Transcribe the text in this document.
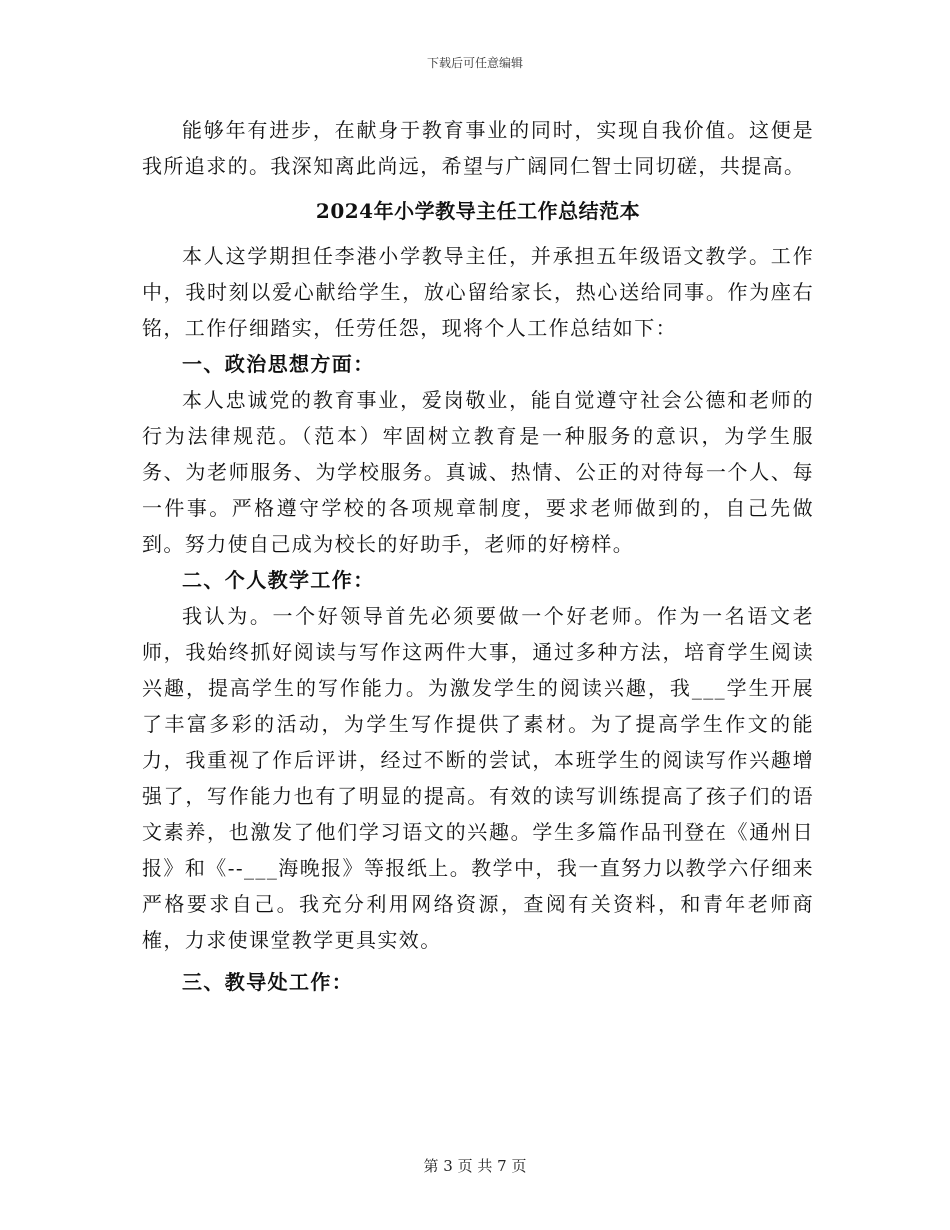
下载后可任意编辑

能够年有进步，在献身于教育事业的同时，实现自我价值。这便是我所追求的。我深知离此尚远，希望与广阔同仁智士同切磋，共提高。

2024年小学教导主任工作总结范本

本人这学期担任李港小学教导主任，并承担五年级语文教学。工作中，我时刻以爱心献给学生，放心留给家长，热心送给同事。作为座右铭，工作仔细踏实，任劳任怨，现将个人工作总结如下：

一、政治思想方面：

本人忠诚党的教育事业，爱岗敬业，能自觉遵守社会公德和老师的行为法律规范。（范本）牢固树立教育是一种服务的意识，为学生服务、为老师服务、为学校服务。真诚、热情、公正的对待每一个人、每一件事。严格遵守学校的各项规章制度，要求老师做到的，自己先做到。努力使自己成为校长的好助手，老师的好榜样。

二、个人教学工作：

我认为。一个好领导首先必须要做一个好老师。作为一名语文老师，我始终抓好阅读与写作这两件大事，通过多种方法，培育学生阅读兴趣，提高学生的写作能力。为激发学生的阅读兴趣，我___学生开展了丰富多彩的活动，为学生写作提供了素材。为了提高学生作文的能力，我重视了作后评讲，经过不断的尝试，本班学生的阅读写作兴趣增强了，写作能力也有了明显的提高。有效的读写训练提高了孩子们的语文素养，也激发了他们学习语文的兴趣。学生多篇作品刊登在《通州日报》和《--___海晚报》等报纸上。教学中，我一直努力以教学六仔细来严格要求自己。我充分利用网络资源，查阅有关资料，和青年老师商榷，力求使课堂教学更具实效。

三、教导处工作：

第 3 页 共 7 页
